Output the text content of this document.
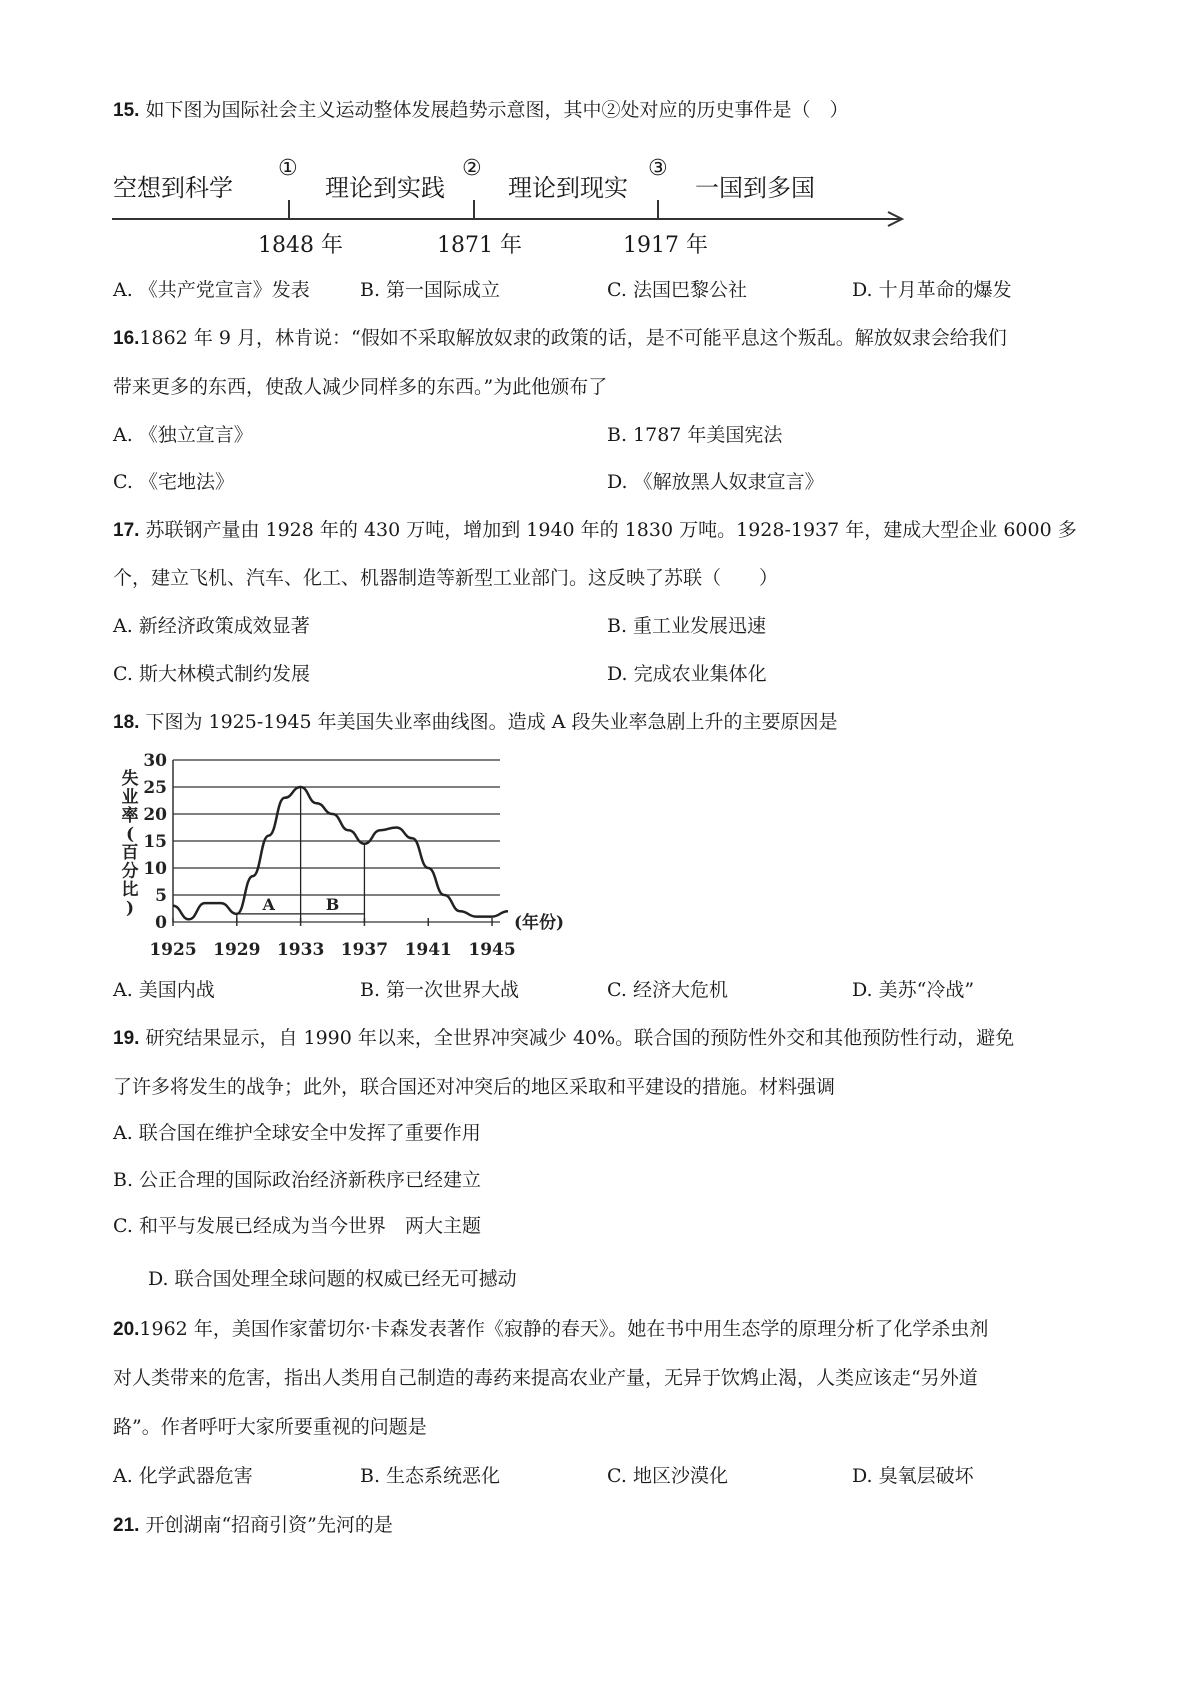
15. 如下图为国际社会主义运动整体发展趋势示意图，其中②处对应的历史事件是（　）
空想到科学	理论到实践	理论到现实	一国到多国
①	②	③
1848 年	1871 年	1917 年
A. 《共产党宣言》发表	B. 第一国际成立	C. 法国巴黎公社	D. 十月革命的爆发
16.1862 年 9 月，林肯说：“假如不采取解放奴隶的政策的话，是不可能平息这个叛乱。解放奴隶会给我们
带来更多的东西，使敌人减少同样多的东西。”为此他颁布了
A. 《独立宣言》	B. 1787 年美国宪法
C. 《宅地法》	D. 《解放黑人奴隶宣言》
17. 苏联钢产量由 1928 年的 430 万吨，增加到 1940 年的 1830 万吨。1928-1937 年，建成大型企业 6000 多
个，建立飞机、汽车、化工、机器制造等新型工业部门。这反映了苏联（　　）
A. 新经济政策成效显著	B. 重工业发展迅速
C. 斯大林模式制约发展	D. 完成农业集体化
18. 下图为 1925-1945 年美国失业率曲线图。造成 A 段失业率急剧上升的主要原因是
0
5
10
15
20
25
30
1925 1929 1933 1937 1941 1945
失
业
率
(
百
分
比
)	A	B
(年份)
A. 美国内战	B. 第一次世界大战	C. 经济大危机	D. 美苏“冷战”
19. 研究结果显示，自 1990 年以来，全世界冲突减少 40%。联合国的预防性外交和其他预防性行动，避免
了许多将发生的战争；此外，联合国还对冲突后的地区采取和平建设的措施。材料强调
A. 联合国在维护全球安全中发挥了重要作用
B. 公正合理的国际政治经济新秩序已经建立
C. 和平与发展已经成为当今世界　两大主题
D. 联合国处理全球问题的权威已经无可撼动
20.1962 年，美国作家蕾切尔·卡森发表著作《寂静的春天》。她在书中用生态学的原理分析了化学杀虫剂
对人类带来的危害，指出人类用自己制造的毒药来提高农业产量，无异于饮鸩止渴，人类应该走“另外道
路”。作者呼吁大家所要重视的问题是
A. 化学武器危害	B. 生态系统恶化	C. 地区沙漠化	D. 臭氧层破坏
21. 开创湖南“招商引资”先河的是
